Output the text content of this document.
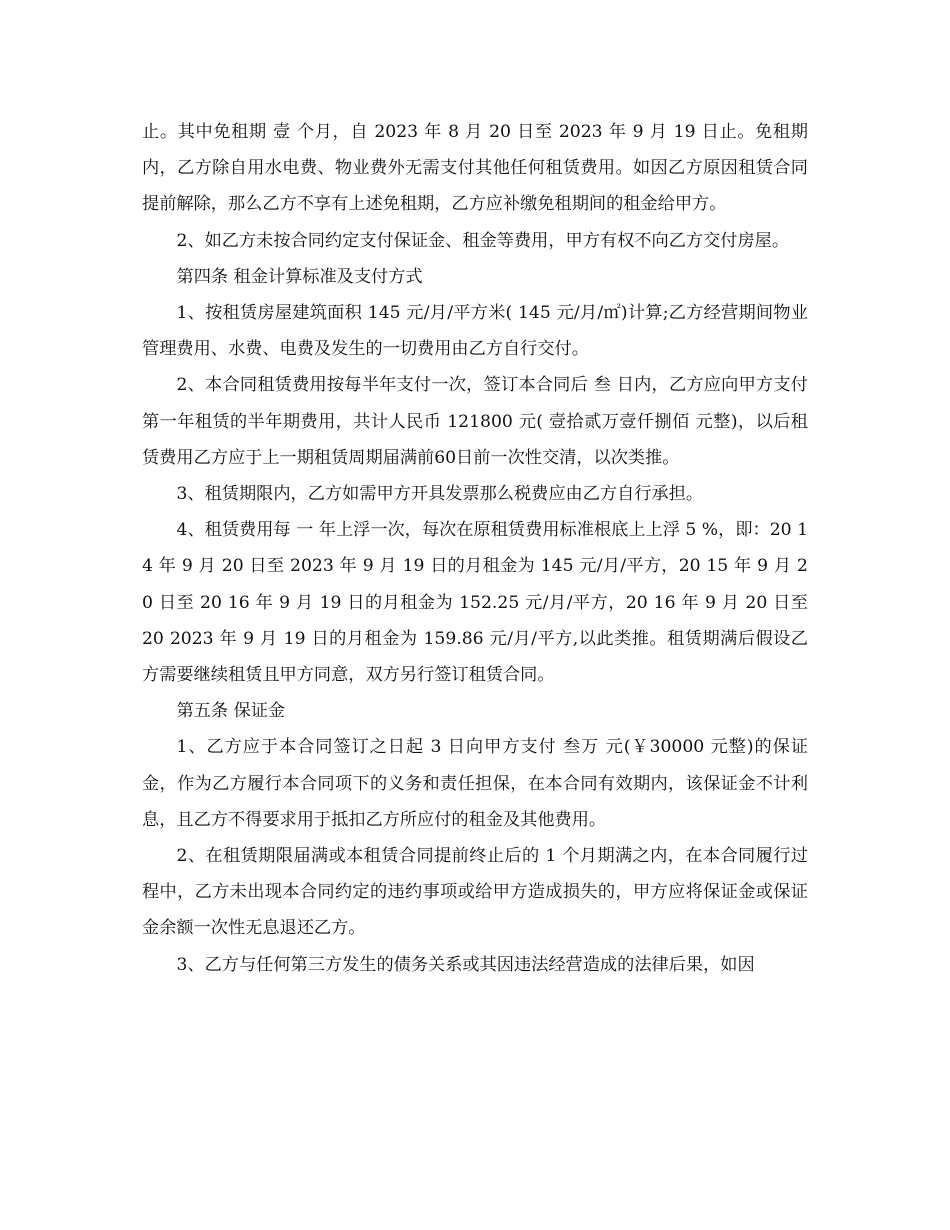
止。其中免租期 壹 个月，自 2023 年 8 月 20 日至 2023 年 9 月 19 日止。免租期内，乙方除自用水电费、物业费外无需支付其他任何租赁费用。如因乙方原因租赁合同提前解除，那么乙方不享有上述免租期，乙方应补缴免租期间的租金给甲方。

2、如乙方未按合同约定支付保证金、租金等费用，甲方有权不向乙方交付房屋。

第四条 租金计算标准及支付方式

1、按租赁房屋建筑面积 145 元/月/平方米( 145 元/月/㎡)计算;乙方经营期间物业管理费用、水费、电费及发生的一切费用由乙方自行交付。

2、本合同租赁费用按每半年支付一次，签订本合同后 叁 日内，乙方应向甲方支付第一年租赁的半年期费用，共计人民币 121800 元( 壹拾贰万壹仟捌佰 元整)，以后租赁费用乙方应于上一期租赁周期届满前60日前一次性交清，以次类推。

3、租赁期限内，乙方如需甲方开具发票那么税费应由乙方自行承担。

4、租赁费用每 一 年上浮一次，每次在原租赁费用标准根底上上浮 5 %，即：20 14 年 9 月 20 日至 2023 年 9 月 19 日的月租金为 145 元/月/平方，20 15 年 9 月 20 日至 20 16 年 9 月 19 日的月租金为 152.25 元/月/平方，20 16 年 9 月 20 日至 20 2023 年 9 月 19 日的月租金为 159.86 元/月/平方,以此类推。租赁期满后假设乙方需要继续租赁且甲方同意，双方另行签订租赁合同。

第五条 保证金

1、乙方应于本合同签订之日起 3 日向甲方支付 叁万 元(￥30000 元整)的保证金，作为乙方履行本合同项下的义务和责任担保，在本合同有效期内，该保证金不计利息，且乙方不得要求用于抵扣乙方所应付的租金及其他费用。

2、在租赁期限届满或本租赁合同提前终止后的 1 个月期满之内，在本合同履行过程中，乙方未出现本合同约定的违约事项或给甲方造成损失的，甲方应将保证金或保证金余额一次性无息退还乙方。

3、乙方与任何第三方发生的债务关系或其因违法经营造成的法律后果，如因
